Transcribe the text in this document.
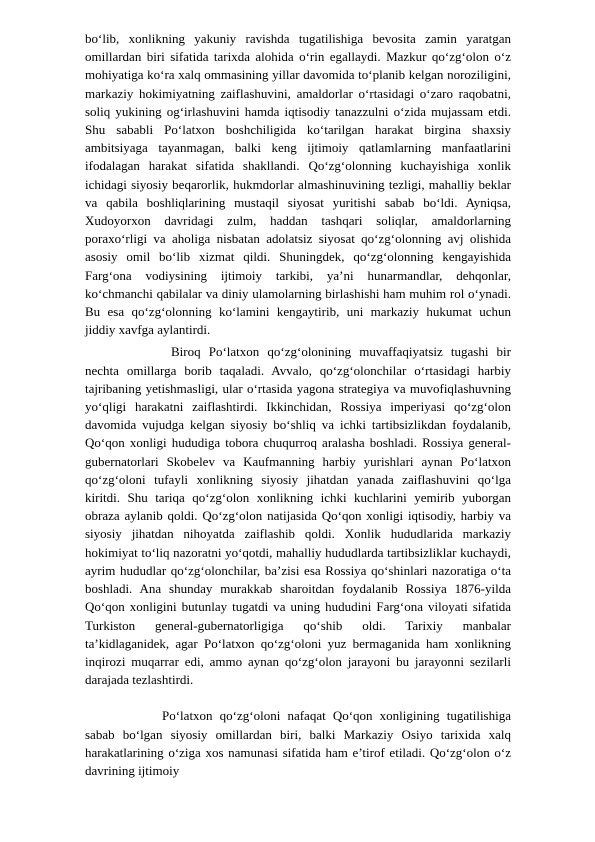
bo‘lib, xonlikning yakuniy ravishda tugatilishiga bevosita zamin yaratgan omillardan biri sifatida tarixda alohida o‘rin egallaydi. Mazkur qo‘zg‘olon o‘z mohiyatiga ko‘ra xalq ommasining yillar davomida to‘planib kelgan noroziligini, markaziy hokimiyatning zaiflashuvini, amaldorlar o‘rtasidagi o‘zaro raqobatni, soliq yukining og‘irlashuvini hamda iqtisodiy tanazzulni o‘zida mujassam etdi. Shu sababli Po‘latxon boshchiligida ko‘tarilgan harakat birgina shaxsiy ambitsiyaga tayanmagan, balki keng ijtimoiy qatlamlarning manfaatlarini ifodalagan harakat sifatida shakllandi. Qo‘zg‘olonning kuchayishiga xonlik ichidagi siyosiy beqarorlik, hukmdorlar almashinuvining tezligi, mahalliy beklar va qabila boshliqlarining mustaqil siyosat yuritishi sabab bo‘ldi. Ayniqsa, Xudoyorxon davridagi zulm, haddan tashqari soliqlar, amaldorlarning poraxo‘rligi va aholiga nisbatan adolatsiz siyosat qo‘zg‘olonning avj olishida asosiy omil bo‘lib xizmat qildi. Shuningdek, qo‘zg‘olonning kengayishida Farg‘ona vodiysining ijtimoiy tarkibi, ya’ni hunarmandlar, dehqonlar, ko‘chmanchi qabilalar va diniy ulamolarning birlashishi ham muhim rol o‘ynadi. Bu esa qo‘zg‘olonning ko‘lamini kengaytirib, uni markaziy hukumat uchun jiddiy xavfga aylantirdi.

Biroq Po‘latxon qo‘zg‘olonining muvaffaqiyatsiz tugashi bir nechta omillarga borib taqaladi. Avvalo, qo‘zg‘olonchilar o‘rtasidagi harbiy tajribaning yetishmasligi, ular o‘rtasida yagona strategiya va muvofiqlashuvning yo‘qligi harakatni zaiflashtirdi. Ikkinchidan, Rossiya imperiyasi qo‘zg‘olon davomida vujudga kelgan siyosiy bo‘shliq va ichki tartibsizlikdan foydalanib, Qo‘qon xonligi hududiga tobora chuqurroq aralasha boshladi. Rossiya general-gubernatorlari Skobelev va Kaufmanning harbiy yurishlari aynan Po‘latxon qo‘zg‘oloni tufayli xonlikning siyosiy jihatdan yanada zaiflashuvini qo‘lga kiritdi. Shu tariqa qo‘zg‘olon xonlikning ichki kuchlarini yemirib yuborgan obraza aylanib qoldi. Qo‘zg‘olon natijasida Qo‘qon xonligi iqtisodiy, harbiy va siyosiy jihatdan nihoyatda zaiflashib qoldi. Xonlik hududlarida markaziy hokimiyat to‘liq nazoratni yo‘qotdi, mahalliy hududlarda tartibsizliklar kuchaydi, ayrim hududlar qo‘zg‘olonchilar, ba’zisi esa Rossiya qo‘shinlari nazoratiga o‘ta boshladi. Ana shunday murakkab sharoitdan foydalanib Rossiya 1876-yilda Qo‘qon xonligini butunlay tugatdi va uning hududini Farg‘ona viloyati sifatida Turkiston general-gubernatorligiga qo‘shib oldi. Tarixiy manbalar ta’kidlaganidek, agar Po‘latxon qo‘zg‘oloni yuz bermaganida ham xonlikning inqirozi muqarrar edi, ammo aynan qo‘zg‘olon jarayoni bu jarayonni sezilarli darajada tezlashtirdi.

Po‘latxon qo‘zg‘oloni nafaqat Qo‘qon xonligining tugatilishiga sabab bo‘lgan siyosiy omillardan biri, balki Markaziy Osiyo tarixida xalq harakatlarining o‘ziga xos namunasi sifatida ham e’tirof etiladi. Qo‘zg‘olon o‘z davrining ijtimoiy
